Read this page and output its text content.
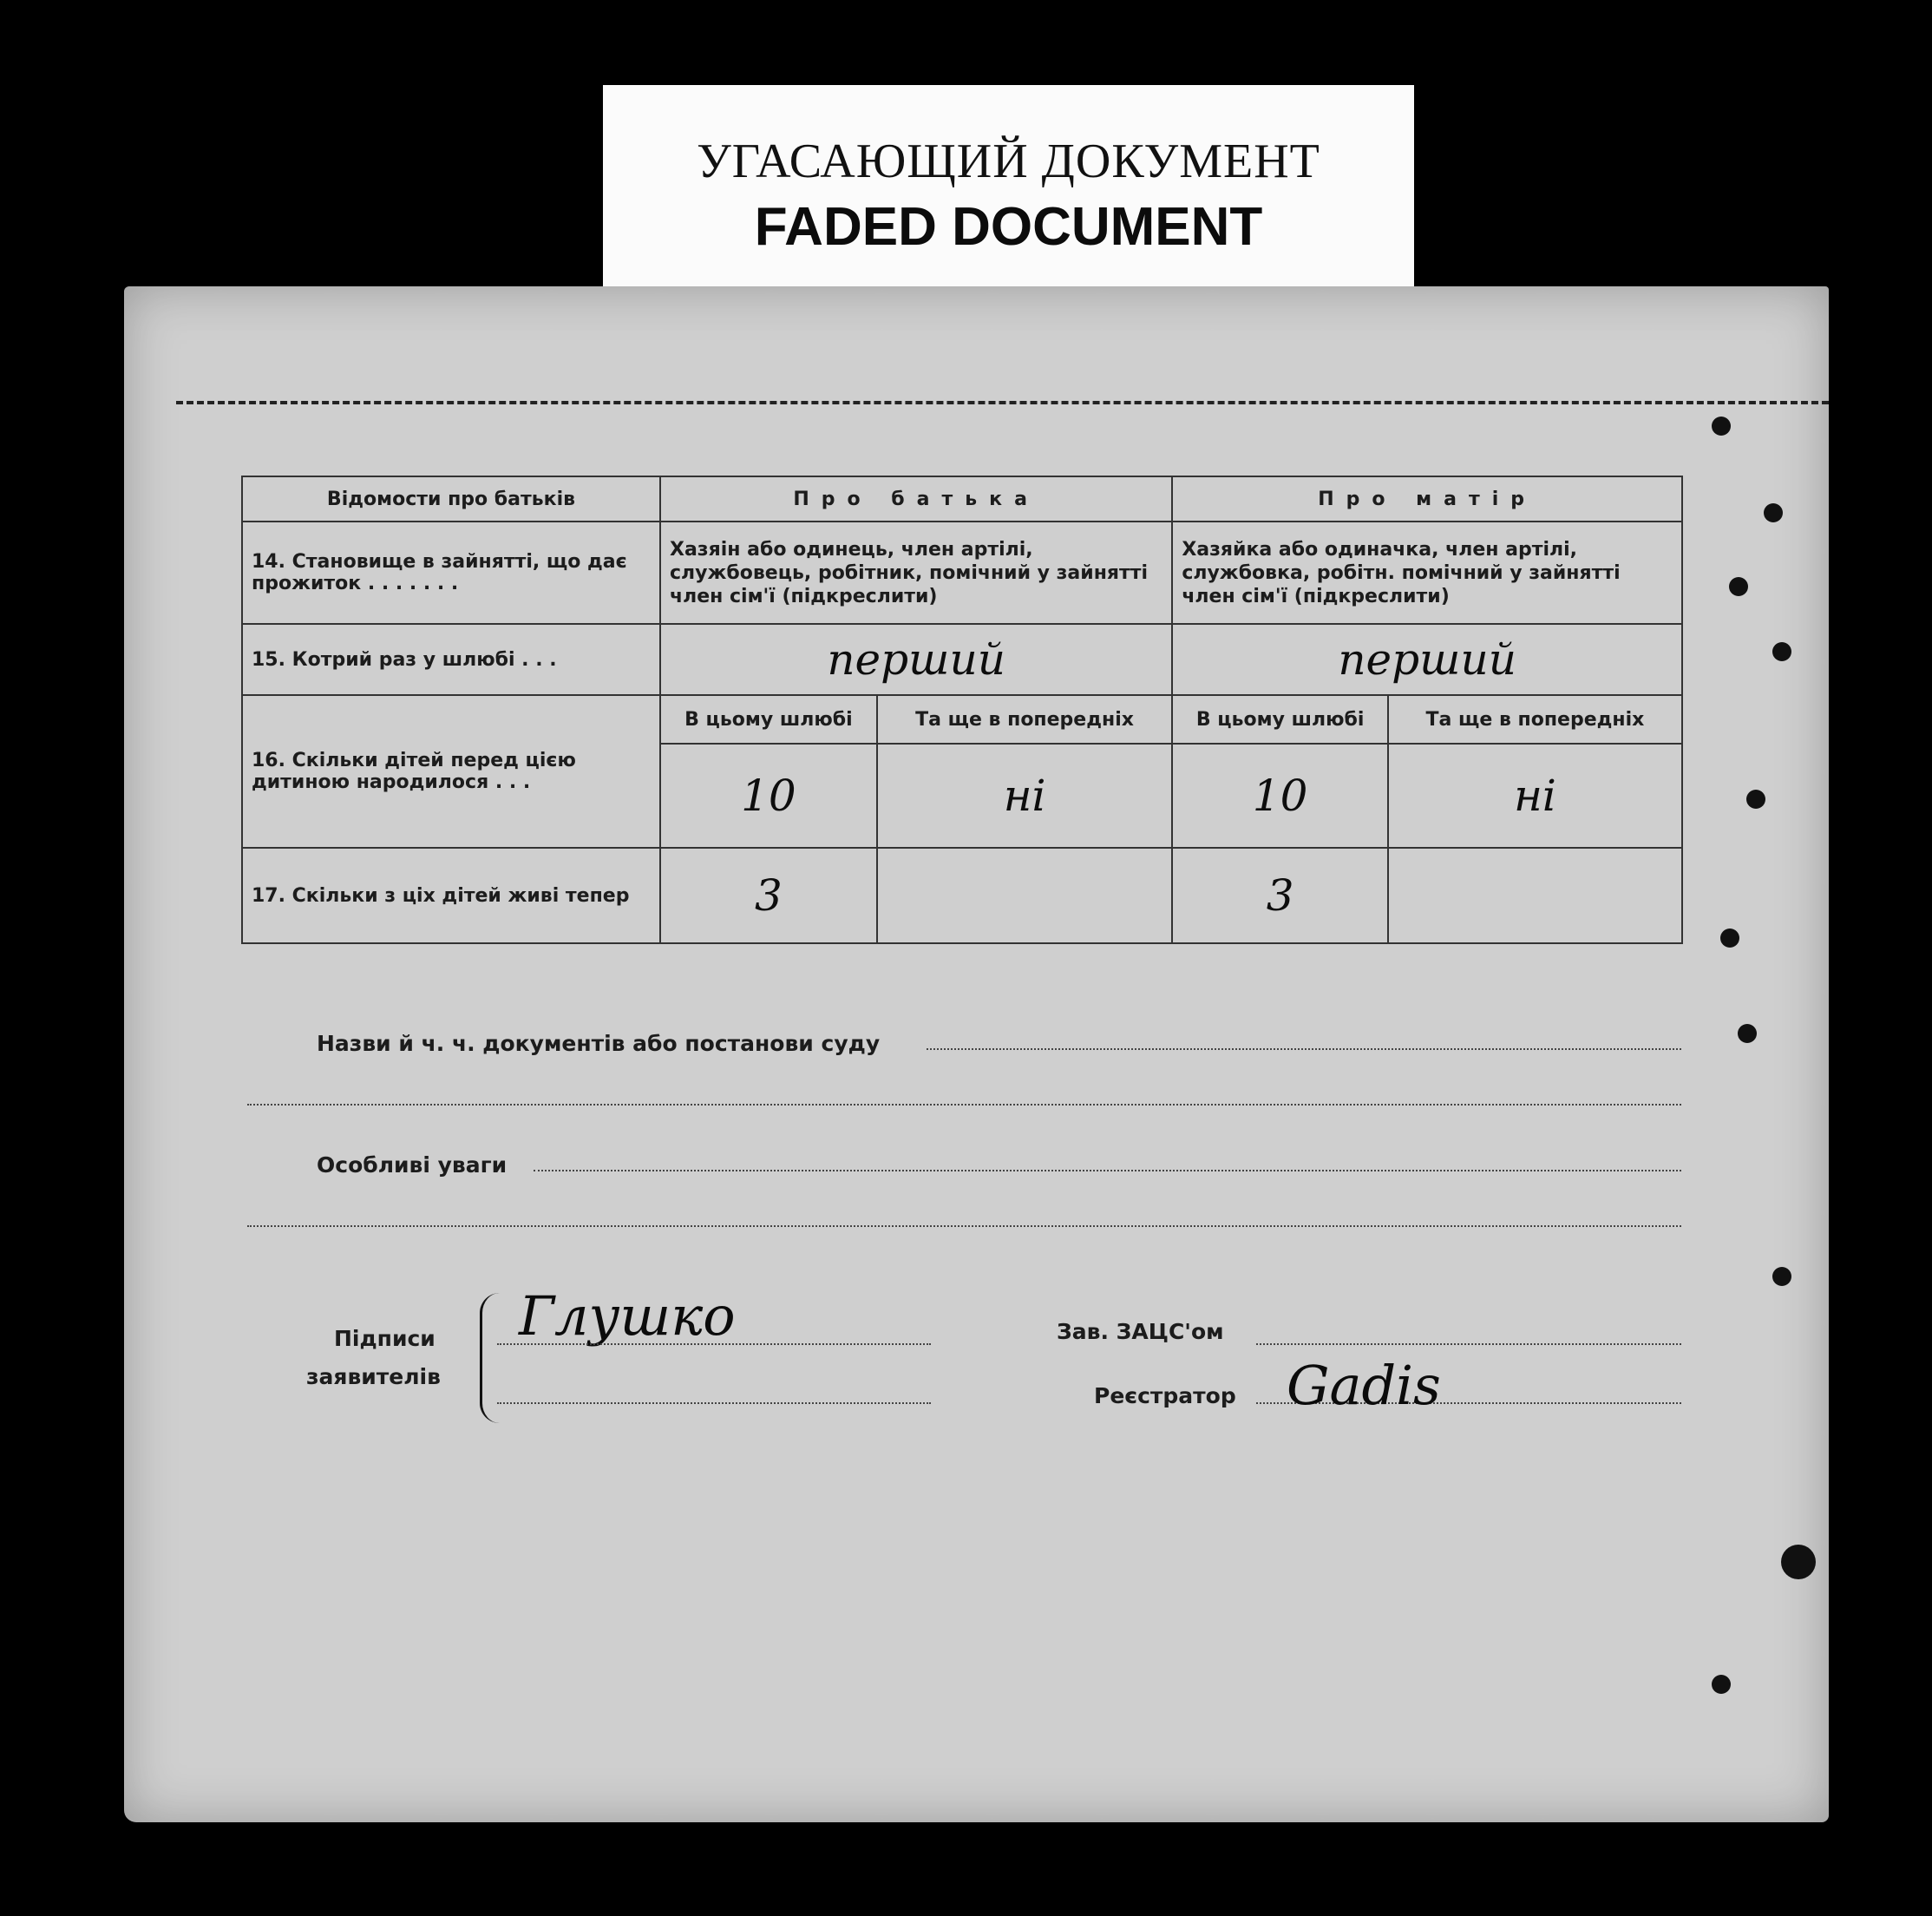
УГАСАЮЩИЙ ДОКУМЕНТ
FADED DOCUMENT
Відомости про батьків	Про батька		Про матір	
14. Становище в зайнятті, що дає прожиток . . . . . . .	Хазяін або одинець, член артілі, службовець, робітник, помічний у зайнятті член сім'ї (підкреслити)		Хазяйка або одиначка, член артілі, службовка, робітн. помічний у зайнятті член сім'ї (підкреслити)	
15. Котрий раз у шлюбі . . .	перший		перший	
16. Скільки дітей перед цією дитиною народилося . . .	В цьому шлюбі	Та ще в попередніх	В цьому шлюбі	Та ще в попередніх
	10	ні	10	ні
17. Скільки з ціх дітей живі тепер	3		3	
Назви й ч. ч. документів або постанови суду
Особливі уваги
Підписи
заявителів
Глушко	Зав. ЗАЦС'ом
Реєстратор Gadis
